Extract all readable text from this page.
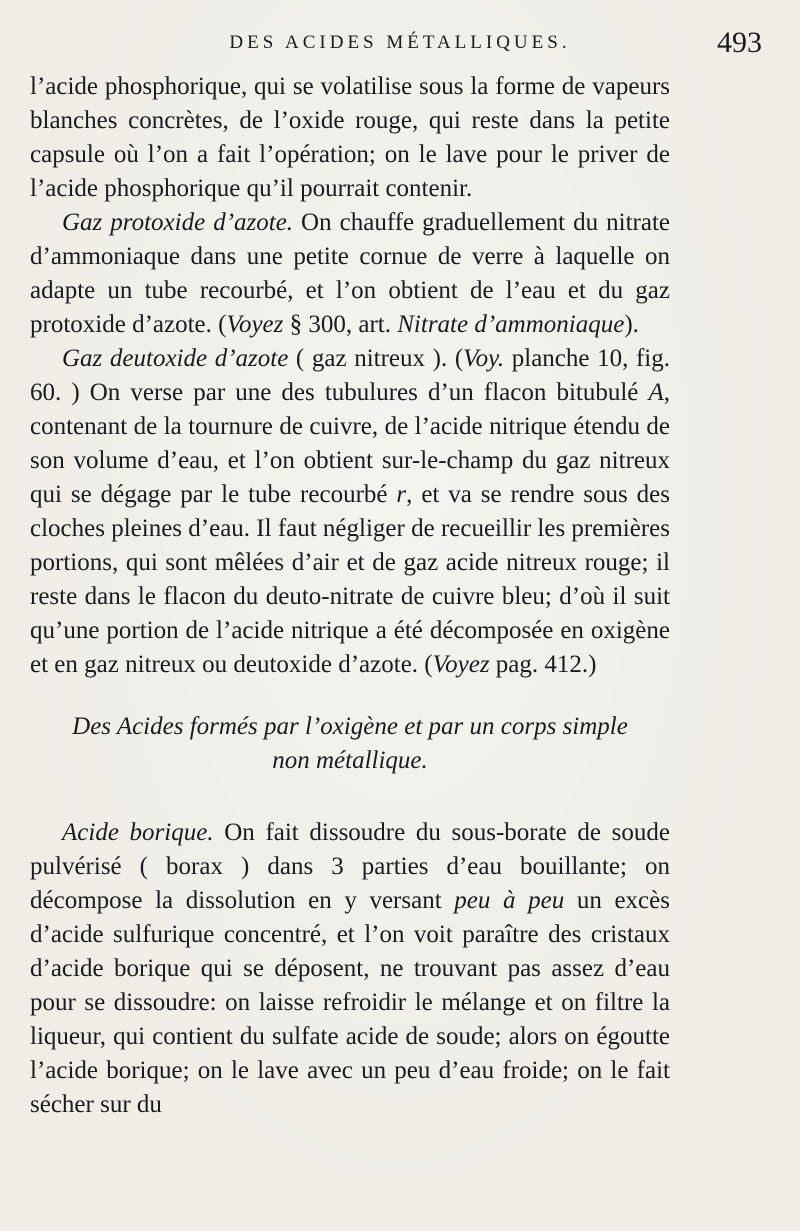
DES ACIDES MÉTALLIQUES.	493

l’acide phosphorique, qui se volatilise sous la forme de vapeurs blanches concrètes, de l’oxide rouge, qui reste dans la petite capsule où l’on a fait l’opération; on le lave pour le priver de l’acide phosphorique qu’il pourrait contenir.

Gaz protoxide d’azote. On chauffe graduellement du nitrate d’ammoniaque dans une petite cornue de verre à laquelle on adapte un tube recourbé, et l’on obtient de l’eau et du gaz protoxide d’azote. (Voyez § 300, art. Nitrate d’ammoniaque).

Gaz deutoxide d’azote ( gaz nitreux ). (Voy. planche 10, fig. 60. ) On verse par une des tubulures d’un flacon bitubulé A, contenant de la tournure de cuivre, de l’acide nitrique étendu de son volume d’eau, et l’on obtient sur-le-champ du gaz nitreux qui se dégage par le tube recourbé r, et va se rendre sous des cloches pleines d’eau. Il faut négliger de recueillir les premières portions, qui sont mêlées d’air et de gaz acide nitreux rouge; il reste dans le flacon du deuto-nitrate de cuivre bleu; d’où il suit qu’une portion de l’acide nitrique a été décomposée en oxigène et en gaz nitreux ou deutoxide d’azote. (Voyez pag. 412.)

Des Acides formés par l’oxigène et par un corps simple
non métallique.

Acide borique. On fait dissoudre du sous-borate de soude pulvérisé ( borax ) dans 3 parties d’eau bouillante; on décompose la dissolution en y versant peu à peu un excès d’acide sulfurique concentré, et l’on voit paraître des cristaux d’acide borique qui se déposent, ne trouvant pas assez d’eau pour se dissoudre: on laisse refroidir le mélange et on filtre la liqueur, qui contient du sulfate acide de soude; alors on égoutte l’acide borique; on le lave avec un peu d’eau froide; on le fait sécher sur du
